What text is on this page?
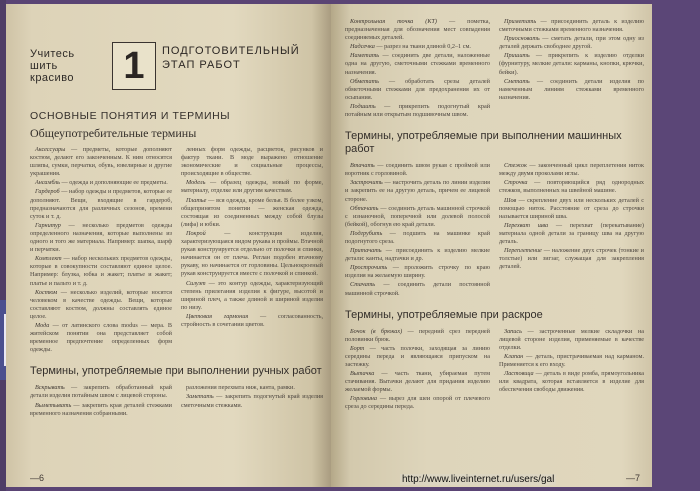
Учитесь
шить
красиво	1	ПОДГОТОВИТЕЛЬНЫЙ
ЭТАП РАБОТ
ОСНОВНЫЕ ПОНЯТИЯ И ТЕРМИНЫ
Общеупотребительные термины

Аксессуары — предметы, которые дополняют костюм, делают его законченным. К ним относятся шляпы, сумки, перчатки, обувь, ювелирные и другие украшения.

Ансамбль — одежда и дополняющие ее предметы.

Гардероб — набор одежды и предметов, которые ее дополняют. Вещи, входящие в гардероб, предназначаются для различных сезонов, времени суток и т. д.

Гарнитур — несколько предметов одежды определенного назначения, которые выполнены из одного и того же материала. Например: шапка, шарф и перчатки.

Комплект — набор нескольких предметов одежды, которые в совокупности составляют единое целое. Например: блузка, юбка и жакет; платье и жакет; платье и пальто и т. д.

Костюм — несколько изделий, которые носятся человеком в качестве одежды. Вещи, которые составляют костюм, должны составлять единое целое.

Мода — от латинского слова modus — мера. В житейском понятии она представляет собой временное предпочтение определенных форм одежды.

ленных форм одежды, расцветок, рисунков и фактур ткани. В моде выражено отношение экономические и социальные процессы, происходящие в обществе.

Модель — образец одежды, новый по форме, материалу, отделке или другим качествам.

Платье — вся одежда, кроме белья. В более узком, общепринятом понятии — женская одежда, состоящая из соединенных между собой блузы (лифа) и юбки.

Покрой — конструкция изделия, характеризующаяся видом рукава и проймы. Втачной рукав конструируется отдельно от полочки и спинки, начинается он от плеча. Реглан подобен втачному рукаву, но начинается от горловины. Цельнокроеный рукав конструируется вместе с полочкой и спинкой.

Силуэт — это контур одежды, характеризующий степень прилегания изделия к фигуре, высотой и шириной плеч, а также длиной и шириной изделия по низу.

Цветовая гармония — согласованность, стройность в сочетании цветов.

Термины, употребляемые при выполнении ручных работ

Вскрывать — закрепить обработанный край детали изделия потайным швом с лицевой стороны.

Выметывать — закрепить края деталей стежками временного назначения собранными.

разложения перехвата ниж, канта, рамки.

Заметать — закрепить подогнутый край изделия сметочными стежками.

—6

Контрольная точка (КТ) — пометка, предназначенная для обозначения мест совпадения соединяемых деталей.

Надсечка — разрез на ткани длиной 0,2–1 см.

Наметать — соединить две детали, наложенные одна на другую, сметочными стежками временного назначения.

Обметать — обработать срезы деталей обметочными стежками для предохранения их от осыпания.

Подшить — прикрепить подогнутый край потайным или открытым подшивочным швом.

Приметать — присоединить деталь к изделию сметочными стежками временного назначения.

Приосновать — сметать детали, при этом одну из деталей держать свободнее другой.

Пришить — прикрепить к изделию отделки (фурнитуру, мелкие детали: карманы, кнопки, крючки, бейки).

Сметать — соединить детали изделия по намеченным линиям стежками временного назначения.

Термины, употребляемые при выполнении машинных работ

Втачать — соединить швом рукав с проймой или воротник с горловиной.

Застрочить — настрочить деталь по линии изделия и закрепить ее на другую деталь, причем ее лицевой стороне.

Обтачать — соединить деталь машинной строчкой с изнаночной, поперечной или долевой полосой (бейкой), обогнув ею край детали.

Подгрубить — подшить на машинке край подогнутого среза.

Притачать — присоединить к изделию мелкие детали: канты, надтачки и др.

Прострочить — проложить строчку по краю изделия на желаемую ширину.

Стачать — соединить детали постоянной машинной строчкой.

Стежок — законченный цикл переплетения ниток между двумя проколами иглы.

Строчка — повторяющийся ряд однородных стежков, выполненных на швейной машине.

Шов — скрепление двух или нескольких деталей с помощью ниток. Расстояние от среза до строчки называется шириной шва.

Перехват шва — перехват (перекатывание) материала одной детали за границу шва на другую деталь.

Переплетение — наложение двух строчек (тонкие и толстые) или зигзаг, служащая для закрепления деталей.

Термины, употребляемые при раскрое

Бочок (в брюках) — передний срез передней половинки брюк.

Борт — часть полочки, заходящая за линию середины переда и являющаяся припуском на застежку.

Вытачка — часть ткани, убираемая путем стачивания. Вытачки делают для придания изделию желаемой формы.

Горловина — вырез для шеи опорой от плечевого среза до середины переда.

Запись — застроченные мелкие складочки на лицевой стороне изделия, применяемые в качестве отделки.

Клапан — деталь, пристрачиваемая над карманом. Применяется к его входу.

Ластовица — деталь в виде ромба, прямоугольника или квадрата, которая вставляется в изделие для обеспечения свободы движения.

—7
http://www.liveinternet.ru/users/gal
